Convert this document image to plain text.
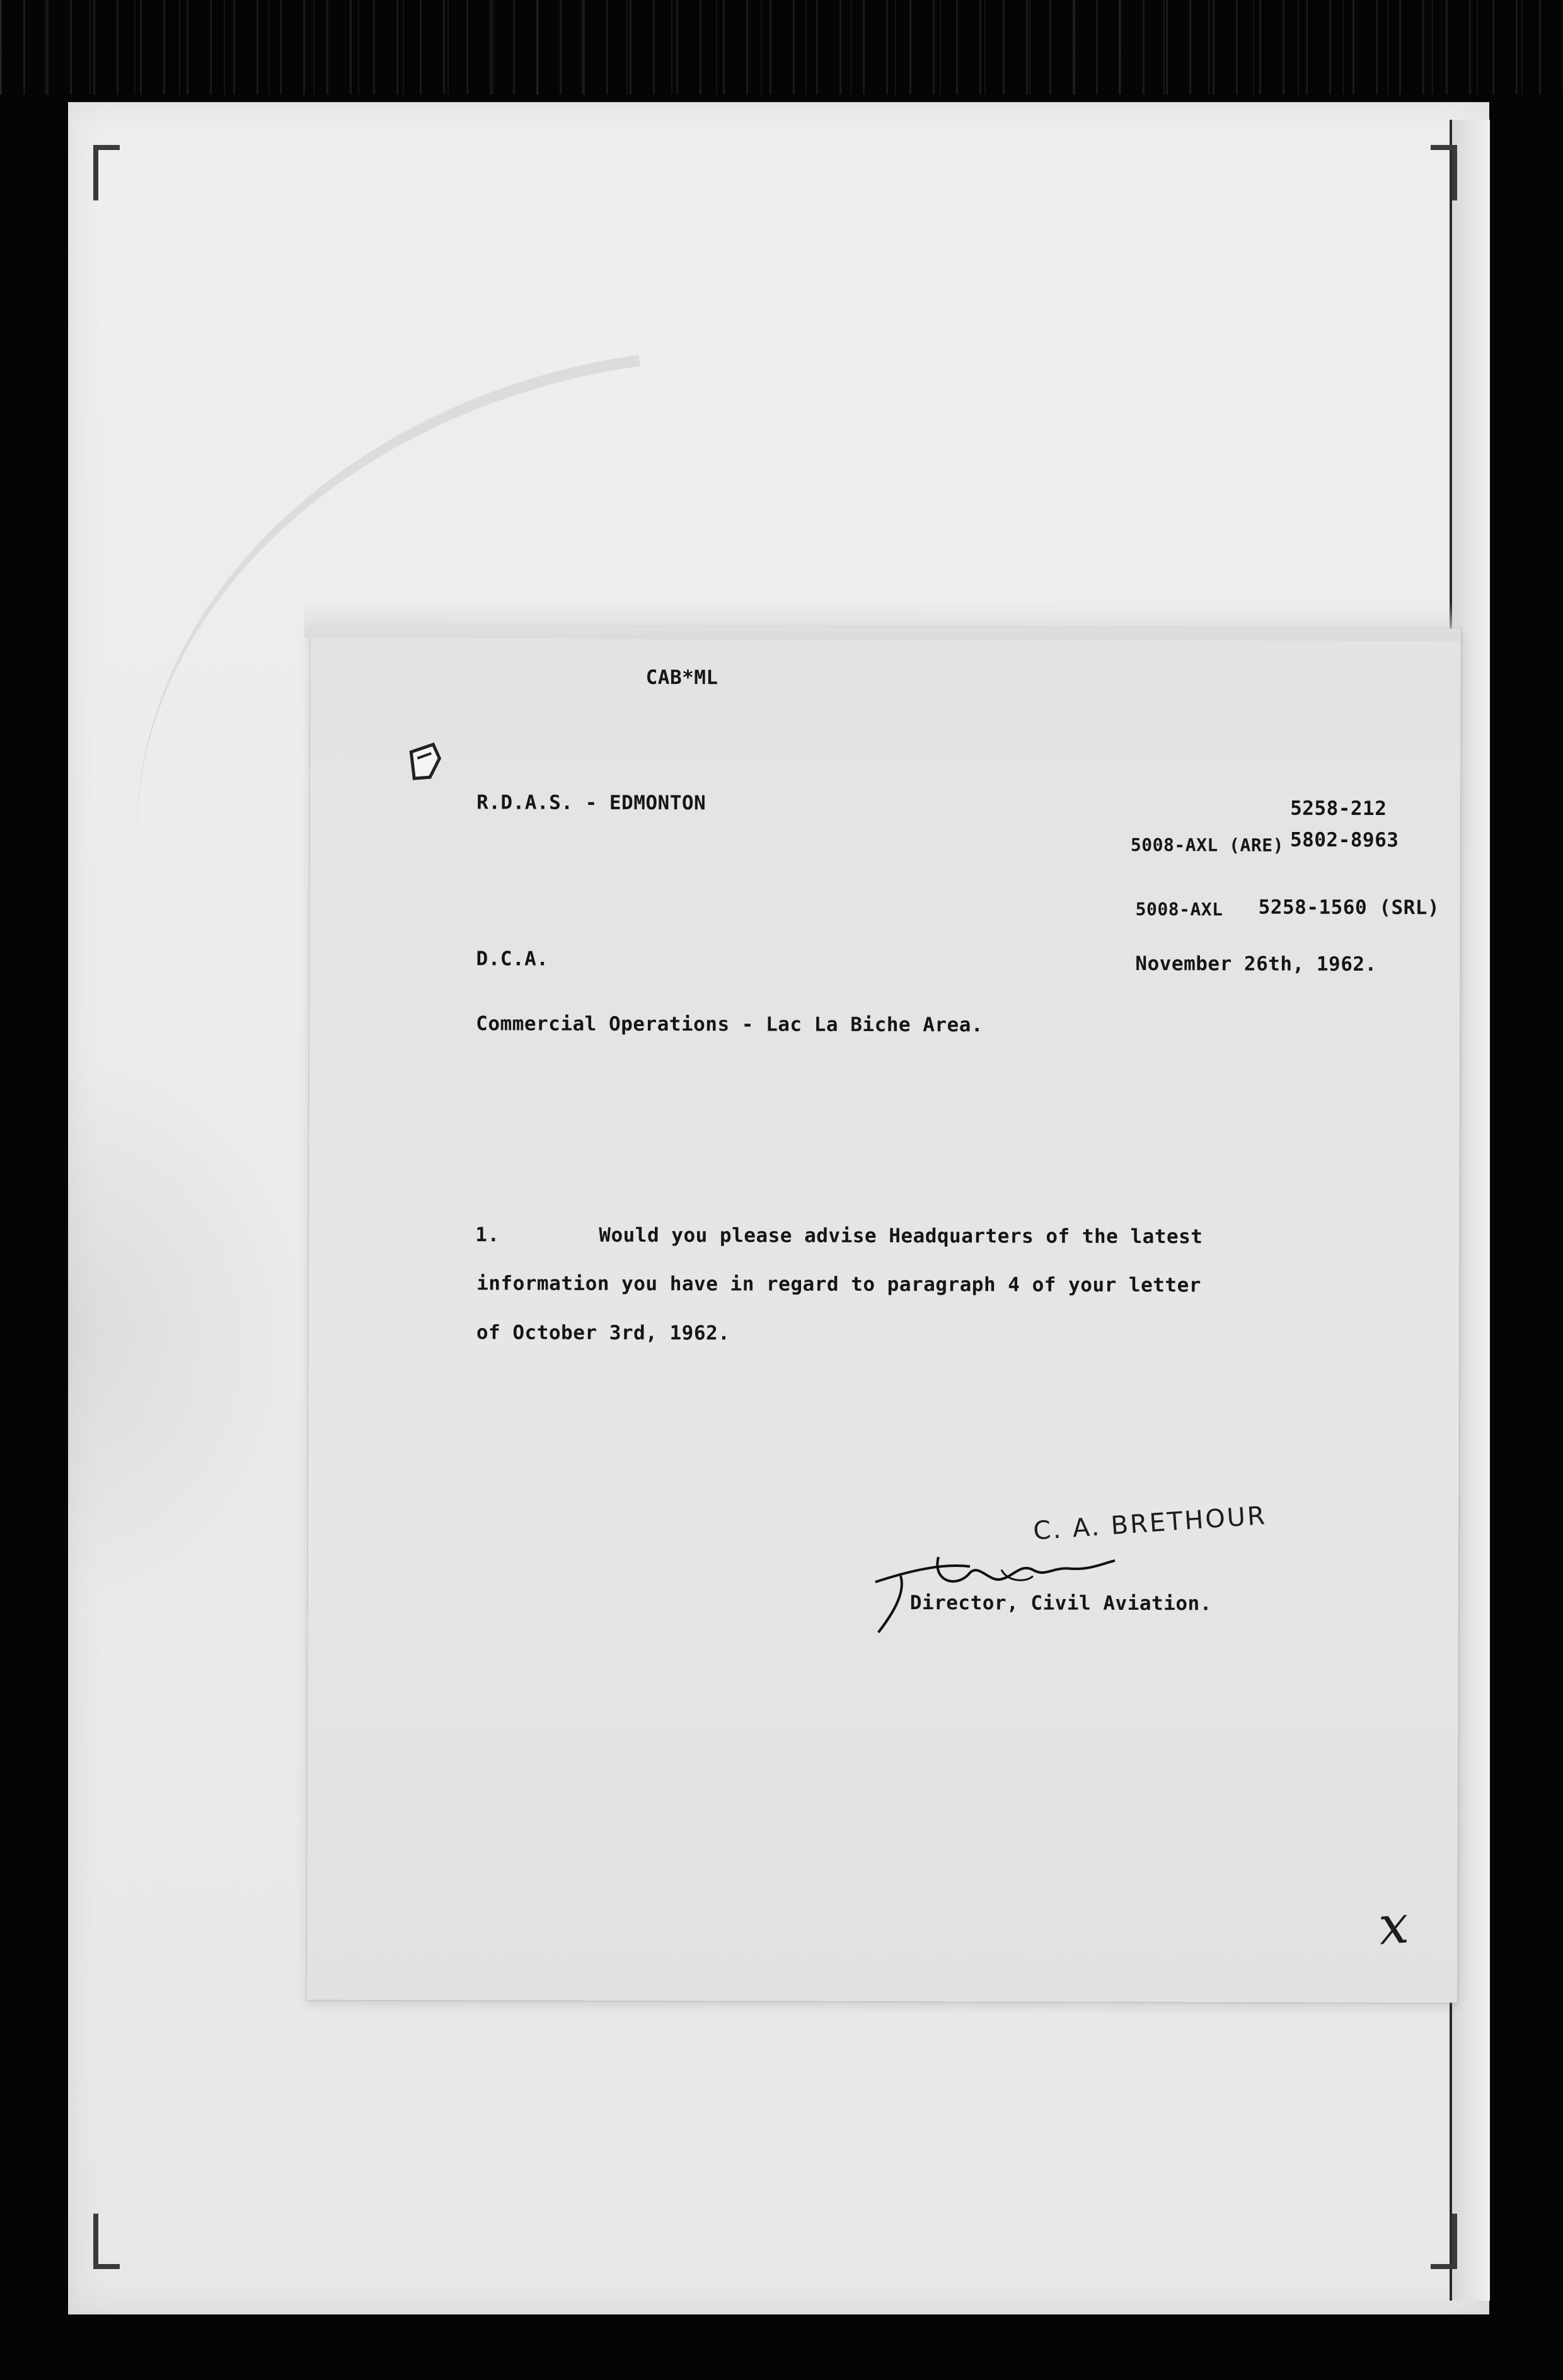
CAB*ML
R.D.A.S. - EDMONTON	5258-212
5008-AXL (ARE) 5802-8963
5008-AXL 5258-1560 (SRL)
D.C.A.	November 26th, 1962.
Commercial Operations - Lac La Biche Area.
1.	Would you please advise Headquarters of the latest
information you have in regard to paragraph 4 of your letter
of October 3rd, 1962.
C. A. BRETHOUR
Director, Civil Aviation.
x
